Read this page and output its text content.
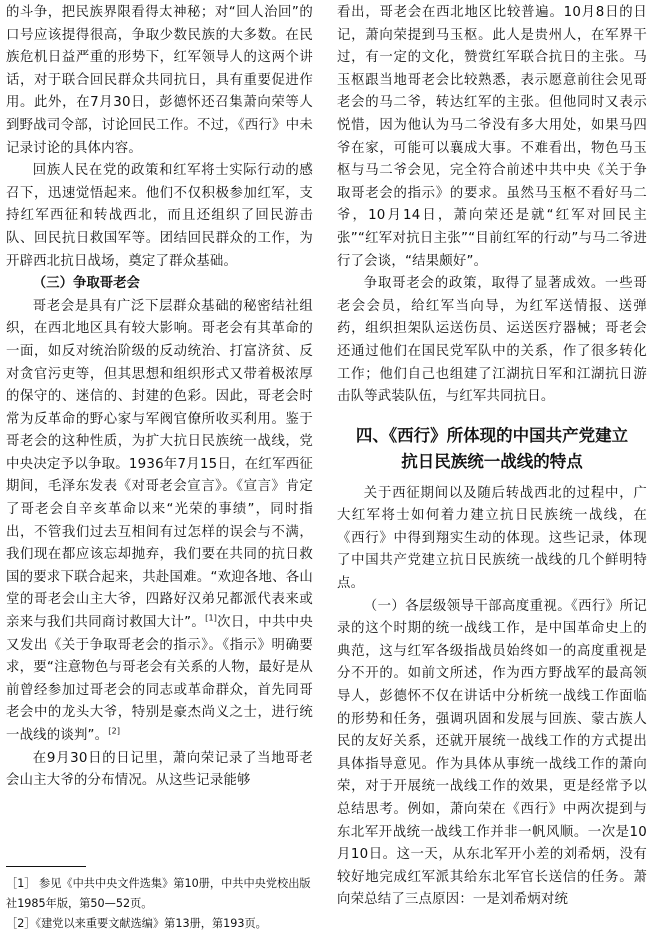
的斗争，把民族界限看得太神秘；对“回人治回”的口号应该提得很高，争取少数民族的大多数。在民族危机日益严重的形势下，红军领导人的这两个讲话，对于联合回民群众共同抗日，具有重要促进作用。此外，在7月30日，彭德怀还召集萧向荣等人到野战司令部，讨论回民工作。不过，《西行》中未记录讨论的具体内容。

回族人民在党的政策和红军将士实际行动的感召下，迅速觉悟起来。他们不仅积极参加红军，支持红军西征和转战西北，而且还组织了回民游击队、回民抗日救国军等。团结回民群众的工作，为开辟西北抗日战场，奠定了群众基础。

（三）争取哥老会

哥老会是具有广泛下层群众基础的秘密结社组织，在西北地区具有较大影响。哥老会有其革命的一面，如反对统治阶级的反动统治、打富济贫、反对贪官污吏等，但其思想和组织形式又带着极浓厚的保守的、迷信的、封建的色彩。因此，哥老会时常为反革命的野心家与军阀官僚所收买利用。鉴于哥老会的这种性质，为扩大抗日民族统一战线，党中央决定予以争取。1936年7月15日，在红军西征期间，毛泽东发表《对哥老会宣言》。《宣言》肯定了哥老会自辛亥革命以来“光荣的事绩”，同时指出，不管我们过去互相间有过怎样的误会与不满，我们现在都应该忘却抛弃，我们要在共同的抗日救国的要求下联合起来，共赴国难。“欢迎各地、各山堂的哥老会山主大爷，四路好汉弟兄都派代表来或亲来与我们共同商讨救国大计”。[1]次日，中共中央又发出《关于争取哥老会的指示》。《指示》明确要求，要“注意物色与哥老会有关系的人物，最好是从前曾经参加过哥老会的同志或革命群众，首先同哥老会中的龙头大爷，特别是豪杰尚义之士，进行统一战线的谈判”。[2]

在9月30日的日记里，萧向荣记录了当地哥老会山主大爷的分布情况。从这些记录能够

看出，哥老会在西北地区比较普遍。10月8日的日记，萧向荣提到马玉枢。此人是贵州人，在军界干过，有一定的文化，赞赏红军联合抗日的主张。马玉枢跟当地哥老会比较熟悉，表示愿意前往会见哥老会的马二爷，转达红军的主张。但他同时又表示悦惜，因为他认为马二爷没有多大用处，如果马四爷在家，可能可以襄成大事。不难看出，物色马玉枢与马二爷会见，完全符合前述中共中央《关于争取哥老会的指示》的要求。虽然马玉枢不看好马二爷，10月14日，萧向荣还是就“红军对回民主张”“红军对抗日主张”“目前红军的行动”与马二爷进行了会谈，“结果颇好”。

争取哥老会的政策，取得了显著成效。一些哥老会会员，给红军当向导，为红军送情报、送弹药，组织担架队运送伤员、运送医疗器械；哥老会还通过他们在国民党军队中的关系，作了很多转化工作；他们自己也组建了江湖抗日军和江湖抗日游击队等武装队伍，与红军共同抗日。

四、《西行》所体现的中国共产党建立
抗日民族统一战线的特点

关于西征期间以及随后转战西北的过程中，广大红军将士如何着力建立抗日民族统一战线，在《西行》中得到翔实生动的体现。这些记录，体现了中国共产党建立抗日民族统一战线的几个鲜明特点。

（一）各层级领导干部高度重视。《西行》所记录的这个时期的统一战线工作，是中国革命史上的典范，这与红军各级指战员始终如一的高度重视是分不开的。如前文所述，作为西方野战军的最高领导人，彭德怀不仅在讲话中分析统一战线工作面临的形势和任务，强调巩固和发展与回族、蒙古族人民的友好关系，还就开展统一战线工作的方式提出具体指导意见。作为具体从事统一战线工作的萧向荣，对于开展统一战线工作的效果，更是经常予以总结思考。例如，萧向荣在《西行》中两次提到与东北军开战统一战线工作并非一帆风顺。一次是10月10日。这一天，从东北军开小差的刘希炳，没有较好地完成红军派其给东北军官长送信的任务。萧向荣总结了三点原因：一是刘希炳对统

［1］ 参见《中共中央文件选集》第10册，中共中央党校出版社1985年版，第50—52页。

［2］《建党以来重要文献选编》第13册，第193页。
